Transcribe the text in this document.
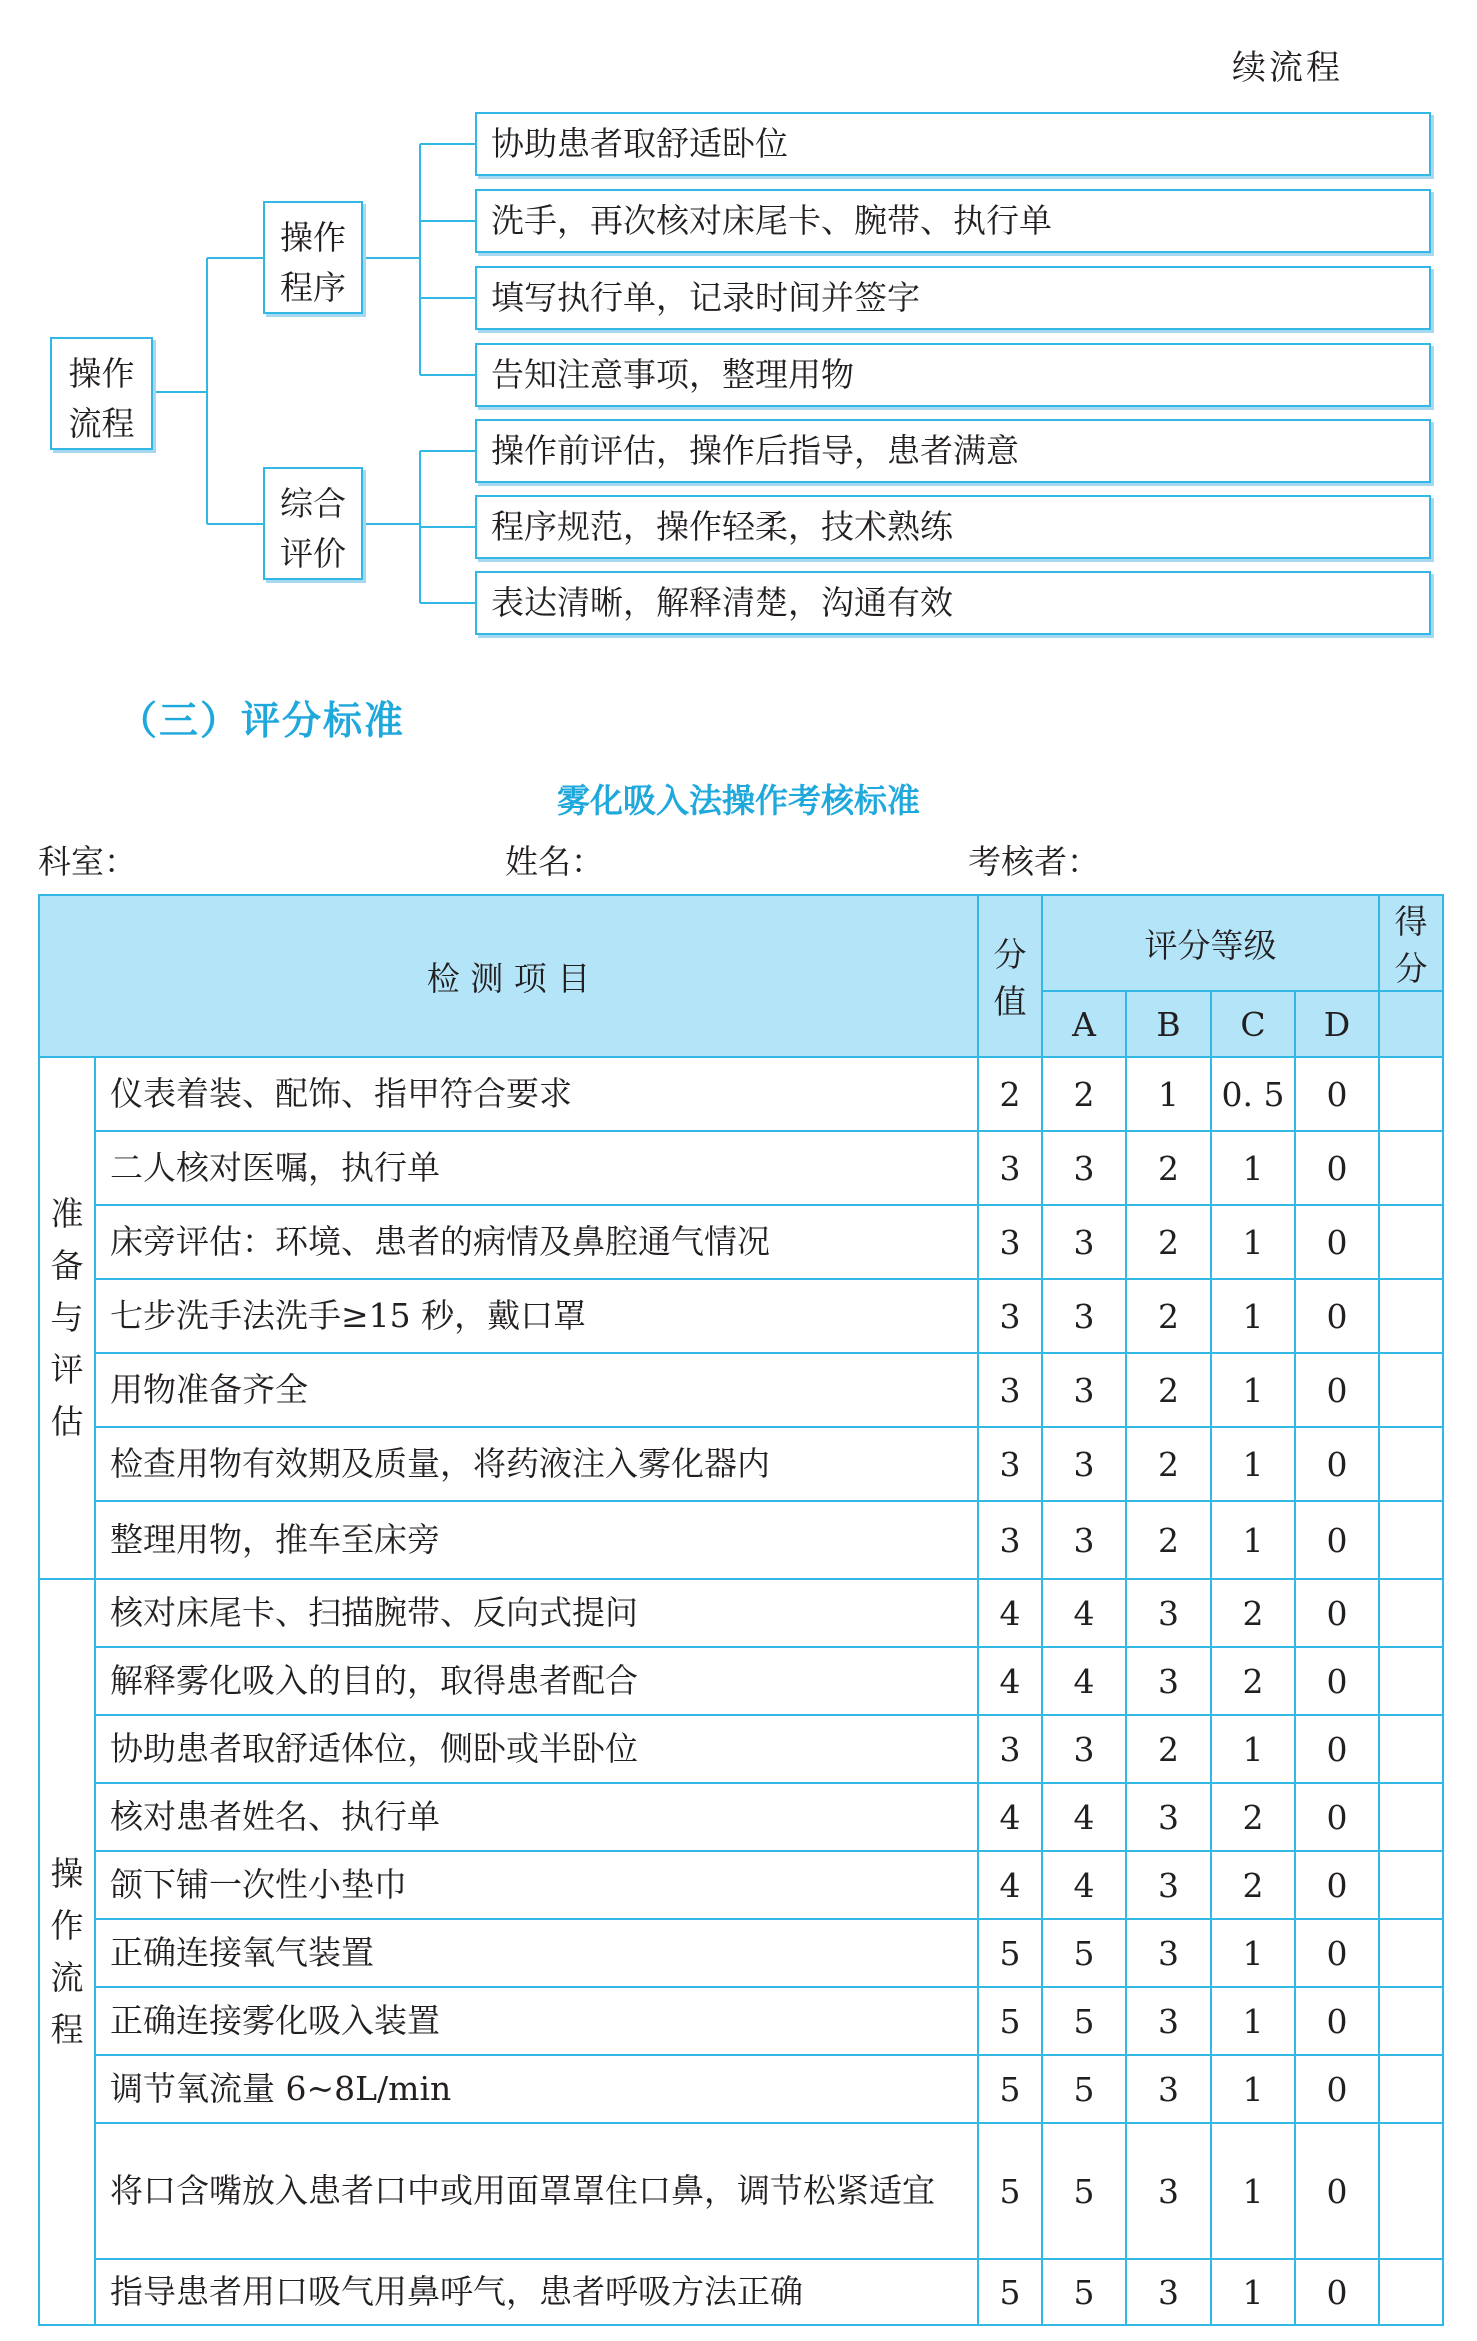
续流程
操作流程
操作程序
综合评价
协助患者取舒适卧位
洗手，再次核对床尾卡、腕带、执行单
填写执行单，记录时间并签字
告知注意事项，整理用物
操作前评估，操作后指导，患者满意
程序规范，操作轻柔，技术熟练
表达清晰，解释清楚，沟通有效
（三）评分标准
雾化吸入法操作考核标准
科室：	姓名：	考核者：
检 测 项 目		分值	评分等级				得分
			A	B	C	D	
准备与评估	仪表着装、配饰、指甲符合要求	2	2	1	0. 5	0	
	二人核对医嘱，执行单	3	3	2	1	0	
	床旁评估：环境、患者的病情及鼻腔通气情况	3	3	2	1	0	
	七步洗手法洗手≥15 秒，戴口罩	3	3	2	1	0	
	用物准备齐全	3	3	2	1	0	
	检查用物有效期及质量，将药液注入雾化器内	3	3	2	1	0	
	整理用物，推车至床旁	3	3	2	1	0	
操作流程	核对床尾卡、扫描腕带、反向式提问	4	4	3	2	0	
	解释雾化吸入的目的，取得患者配合	4	4	3	2	0	
	协助患者取舒适体位，侧卧或半卧位	3	3	2	1	0	
	核对患者姓名、执行单	4	4	3	2	0	
	颌下铺一次性小垫巾	4	4	3	2	0	
	正确连接氧气装置	5	5	3	1	0	
	正确连接雾化吸入装置	5	5	3	1	0	
	调节氧流量 6~8L/min	5	5	3	1	0	
	将口含嘴放入患者口中或用面罩罩住口鼻，调节松紧适宜	5	5	3	1	0	
	指导患者用口吸气用鼻呼气，患者呼吸方法正确	5	5	3	1	0	
